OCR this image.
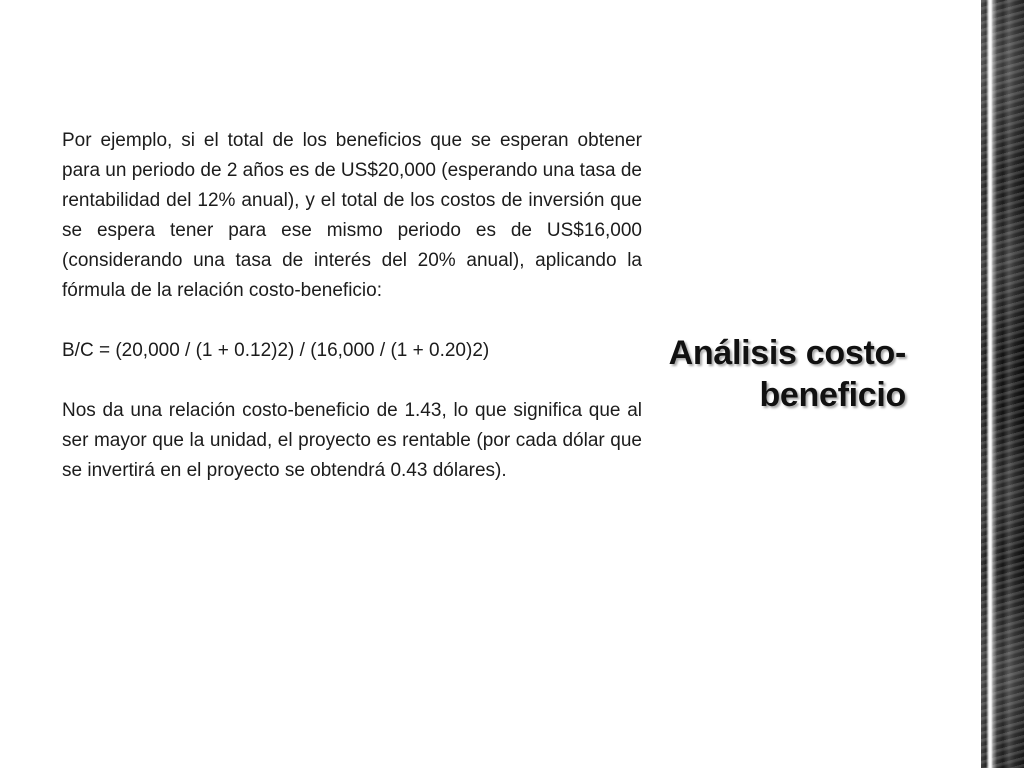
Por ejemplo, si el total de los beneficios que se esperan obtener para un periodo de 2 años es de US$20,000 (esperando una tasa de rentabilidad del 12% anual), y el total de los costos de inversión que se espera tener para ese mismo periodo es de US$16,000 (considerando una tasa de interés del 20% anual), aplicando la fórmula de la relación costo-beneficio:

B/C = (20,000 / (1 + 0.12)2) / (16,000 / (1 + 0.20)2)

Nos da una relación costo-beneficio de 1.43, lo que significa que al ser mayor que la unidad, el proyecto es rentable (por cada dólar que se invertirá en el proyecto se obtendrá 0.43 dólares).

Análisis costo-
beneficio
